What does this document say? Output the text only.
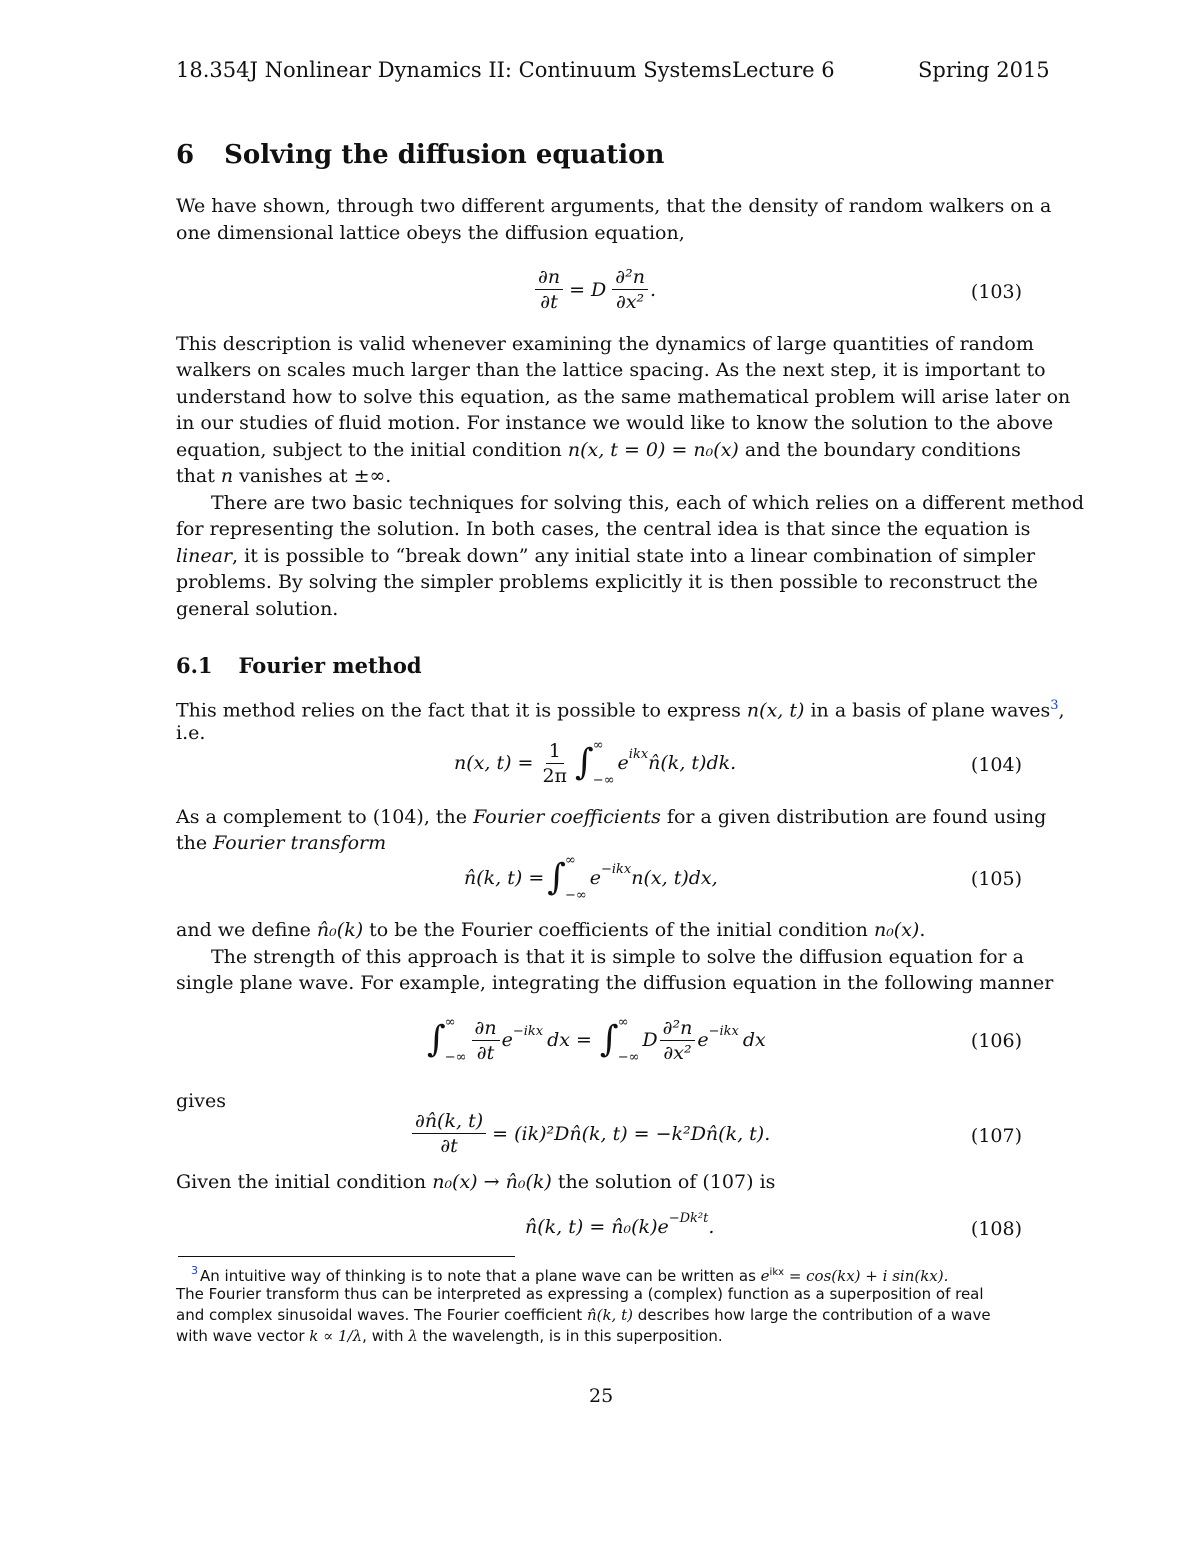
18.354J Nonlinear Dynamics II: Continuum Systems Lecture 6	Spring 2015
6 Solving the diffusion equation
We have shown, through two different arguments, that the density of random walkers on a
one dimensional lattice obeys the diffusion equation,
$\frac{\partial n}{\partial t} = D \frac{\text{∂²n}}{\text{∂x²}}$ .	(103)
This description is valid whenever examining the dynamics of large quantities of random
walkers on scales much larger than the lattice spacing. As the next step, it is important to
understand how to solve this equation, as the same mathematical problem will arise later on
in our studies of fluid motion. For instance we would like to know the solution to the above
equation, subject to the initial condition n(x, t = 0) = n₀(x) and the boundary conditions
that n vanishes at ±∞.
There are two basic techniques for solving this, each of which relies on a different method
for representing the solution. In both cases, the central idea is that since the equation is
linear, it is possible to “break down” any initial state into a linear combination of simpler
problems. By solving the simpler problems explicitly it is then possible to reconstruct the
general solution.
6.1 Fourier method
This method relies on the fact that it is possible to express n(x, t) in a basis of plane waves$^3$,
i.e.
n(x, $t) = \frac{1}{2\pi}$ ∫ ∞
−∞
$e^{ikx}$ n̂(k, t)dk.	(104)
As a complement to (104), the Fourier coefficients for a given distribution are found using
the Fourier transform
n̂(k, t) = ∫ ∞
−∞
$e^{-ikx}$ n(x, t)dx,	(105)
and we define n̂₀(k) to be the Fourier coefficients of the initial condition n₀(x).
The strength of this approach is that it is simple to solve the diffusion equation for a
single plane wave. For example, integrating the diffusion equation in the following manner
∫ ∞
−∞ $\frac{\partial n}{\partial t} e^{-ikx}$ dx = ∫ ∞
−∞
D $\frac{\text{∂²n}}{\text{∂x²}} e^{-ikx}$ dx	(106)
gives
$\frac{\partial n̂(k, t)}{\partial t}$ = (ik)²Dn̂(k, t) = −k²Dn̂(k, t).	(107)
Given the initial condition n₀(x) → n̂₀(k) the solution of (107) is
n̂(k, $t) = n̂_0(k)e^{-Dk^2t}$ .	(108)
3 An intuitive way of thinking is to note that a plane wave can be written as $e^{ikx} = \cos(kx) + i$ sin(kx).
The Fourier transform thus can be interpreted as expressing a (complex) function as a superposition of real
and complex sinusoidal waves. The Fourier coefficient n̂(k, t) describes how large the contribution of a wave
with wave vector k ∝ 1/λ, with λ the wavelength, is in this superposition.
25
